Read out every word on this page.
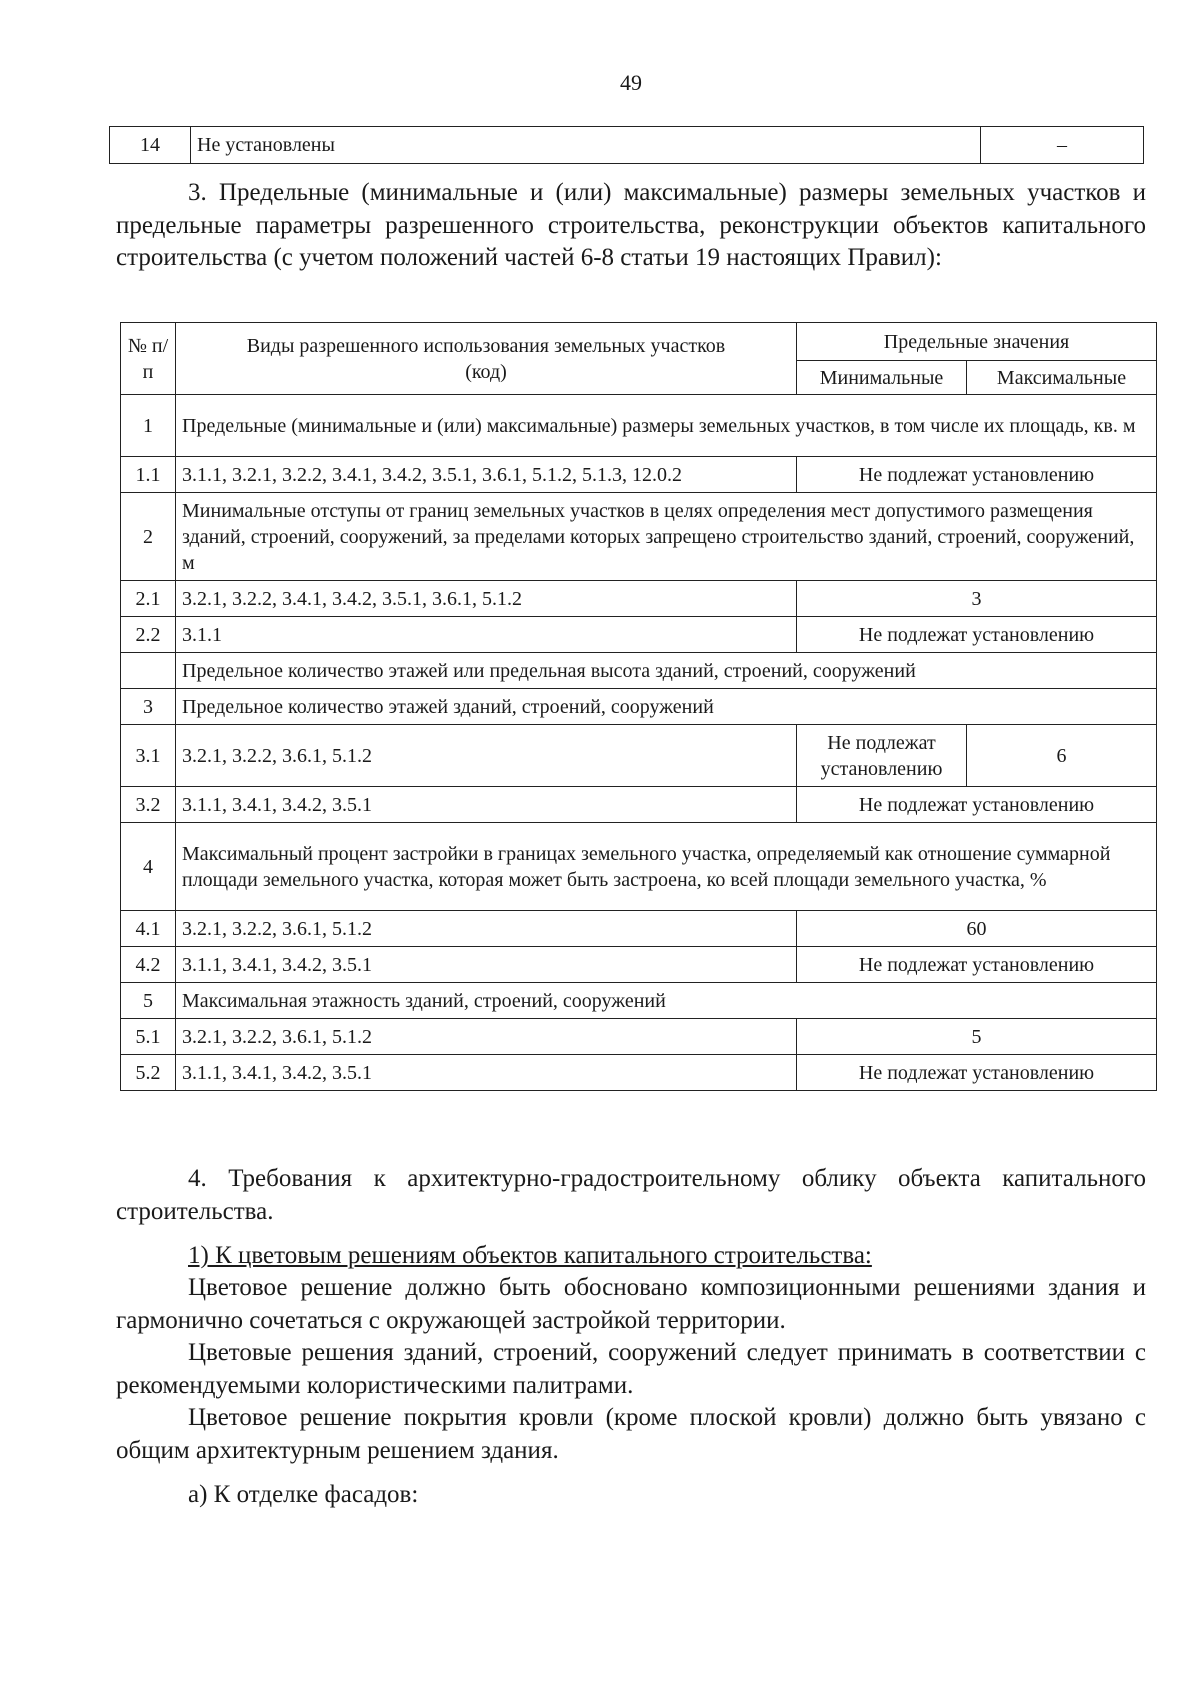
49
14	Не установлены	–

3. Предельные (минимальные и (или) максимальные) размеры земельных участков и предельные параметры разрешенного строительства, реконструкции объектов капитального строительства (с учетом положений частей 6-8 статьи 19 настоящих Правил):

№ п/п	Виды разрешенного использования земельных участков (код)	Предельные значения	
		Минимальные	Максимальные
1	Предельные (минимальные и (или) максимальные) размеры земельных участков, в том числе их площадь, кв. м		
1.1	3.1.1, 3.2.1, 3.2.2, 3.4.1, 3.4.2, 3.5.1, 3.6.1, 5.1.2, 5.1.3, 12.0.2	Не подлежат установлению	
2	Минимальные отступы от границ земельных участков в целях определения мест допустимого размещения зданий, строений, сооружений, за пределами которых запрещено строительство зданий, строений, сооружений, м		
2.1	3.2.1, 3.2.2, 3.4.1, 3.4.2, 3.5.1, 3.6.1, 5.1.2	3	
2.2	3.1.1	Не подлежат установлению	
	Предельное количество этажей или предельная высота зданий, строений, сооружений		
3	Предельное количество этажей зданий, строений, сооружений		
3.1	3.2.1, 3.2.2, 3.6.1, 5.1.2	Не подлежат установлению	6
3.2	3.1.1, 3.4.1, 3.4.2, 3.5.1	Не подлежат установлению	
4	Максимальный процент застройки в границах земельного участка, определяемый как отношение суммарной площади земельного участка, которая может быть застроена, ко всей площади земельного участка, %		
4.1	3.2.1, 3.2.2, 3.6.1, 5.1.2	60	
4.2	3.1.1, 3.4.1, 3.4.2, 3.5.1	Не подлежат установлению	
5	Максимальная этажность зданий, строений, сооружений		
5.1	3.2.1, 3.2.2, 3.6.1, 5.1.2	5	
5.2	3.1.1, 3.4.1, 3.4.2, 3.5.1	Не подлежат установлению	

4. Требования к архитектурно-градостроительному облику объекта капитального строительства.

1) К цветовым решениям объектов капитального строительства:

Цветовое решение должно быть обосновано композиционными решениями здания и гармонично сочетаться с окружающей застройкой территории.

Цветовые решения зданий, строений, сооружений следует принимать в соответствии с рекомендуемыми колористическими палитрами.

Цветовое решение покрытия кровли (кроме плоской кровли) должно быть увязано с общим архитектурным решением здания.

а) К отделке фасадов:
